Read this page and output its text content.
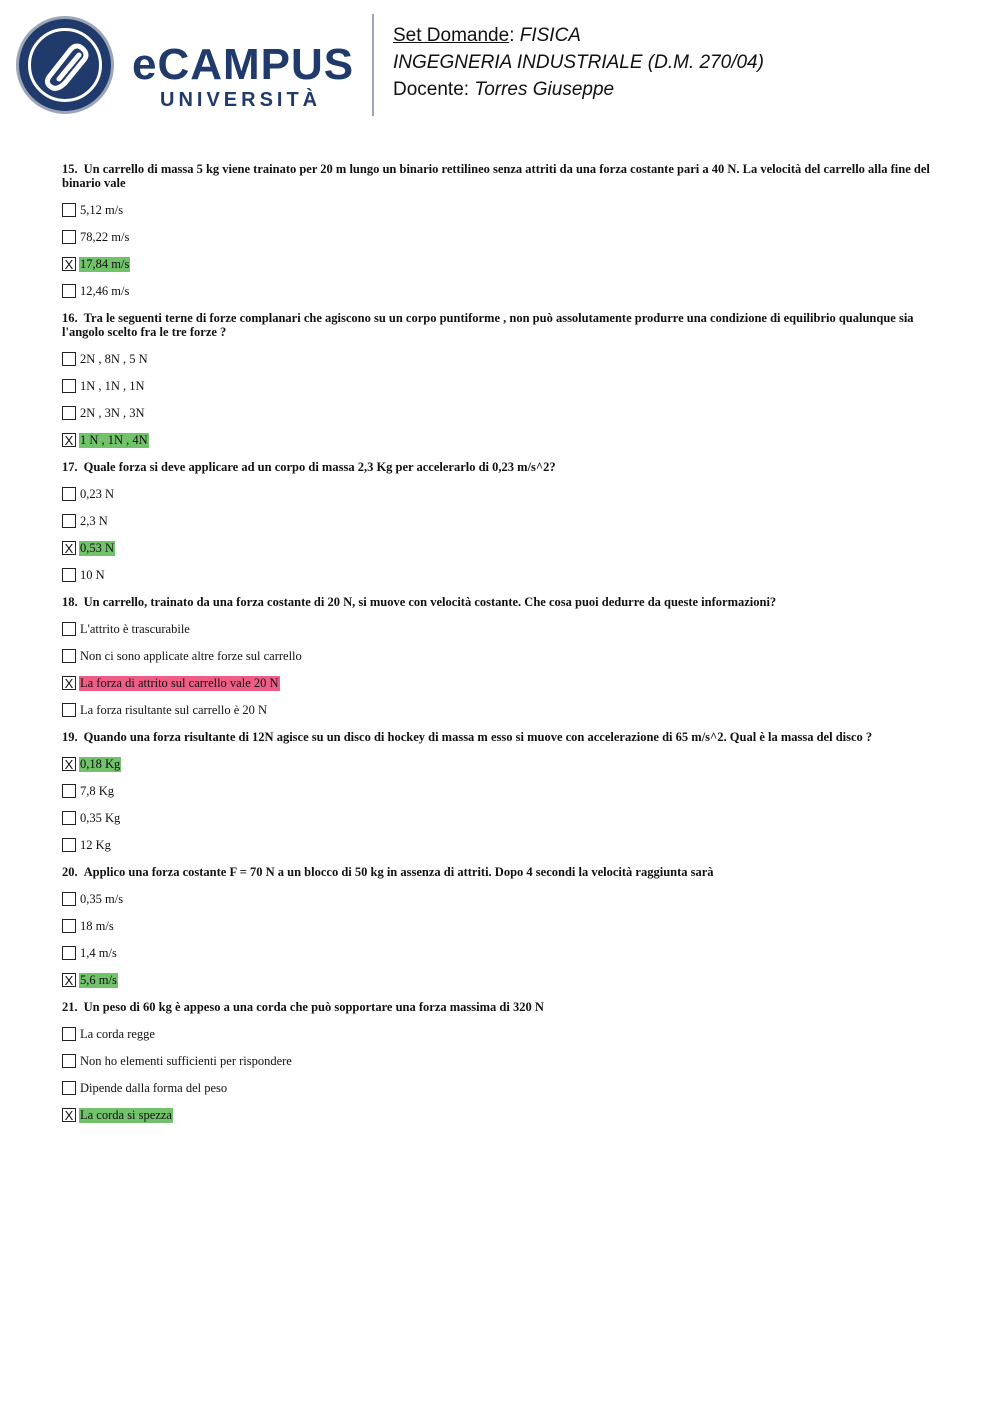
eCAMPUS
UNIVERSITÀ
Set Domande: FISICA
INGEGNERIA INDUSTRIALE (D.M. 270/04)
Docente: Torres Giuseppe

15. Un carrello di massa 5 kg viene trainato per 20 m lungo un binario rettilineo senza attriti da una forza costante pari a 40 N. La velocità del carrello alla fine del binario vale

5,12 m/s
78,22 m/s
X 17,84 m/s
12,46 m/s

16. Tra le seguenti terne di forze complanari che agiscono su un corpo puntiforme , non può assolutamente produrre una condizione di equilibrio qualunque sia l'angolo scelto fra le tre forze ?

2N , 8N , 5 N
1N , 1N , 1N
2N , 3N , 3N
X 1 N , 1N , 4N

17. Quale forza si deve applicare ad un corpo di massa 2,3 Kg per accelerarlo di 0,23 m/s^2?

0,23 N
2,3 N
X 0,53 N
10 N

18. Un carrello, trainato da una forza costante di 20 N, si muove con velocità costante. Che cosa puoi dedurre da queste informazioni?

L'attrito è trascurabile
Non ci sono applicate altre forze sul carrello
X La forza di attrito sul carrello vale 20 N
La forza risultante sul carrello è 20 N

19. Quando una forza risultante di 12N agisce su un disco di hockey di massa m esso si muove con accelerazione di 65 m/s^2. Qual è la massa del disco ?

X 0,18 Kg
7,8 Kg
0,35 Kg
12 Kg

20. Applico una forza costante F = 70 N a un blocco di 50 kg in assenza di attriti. Dopo 4 secondi la velocità raggiunta sarà

0,35 m/s
18 m/s
1,4 m/s
X 5,6 m/s

21. Un peso di 60 kg è appeso a una corda che può sopportare una forza massima di 320 N

La corda regge
Non ho elementi sufficienti per rispondere
Dipende dalla forma del peso
X La corda si spezza
